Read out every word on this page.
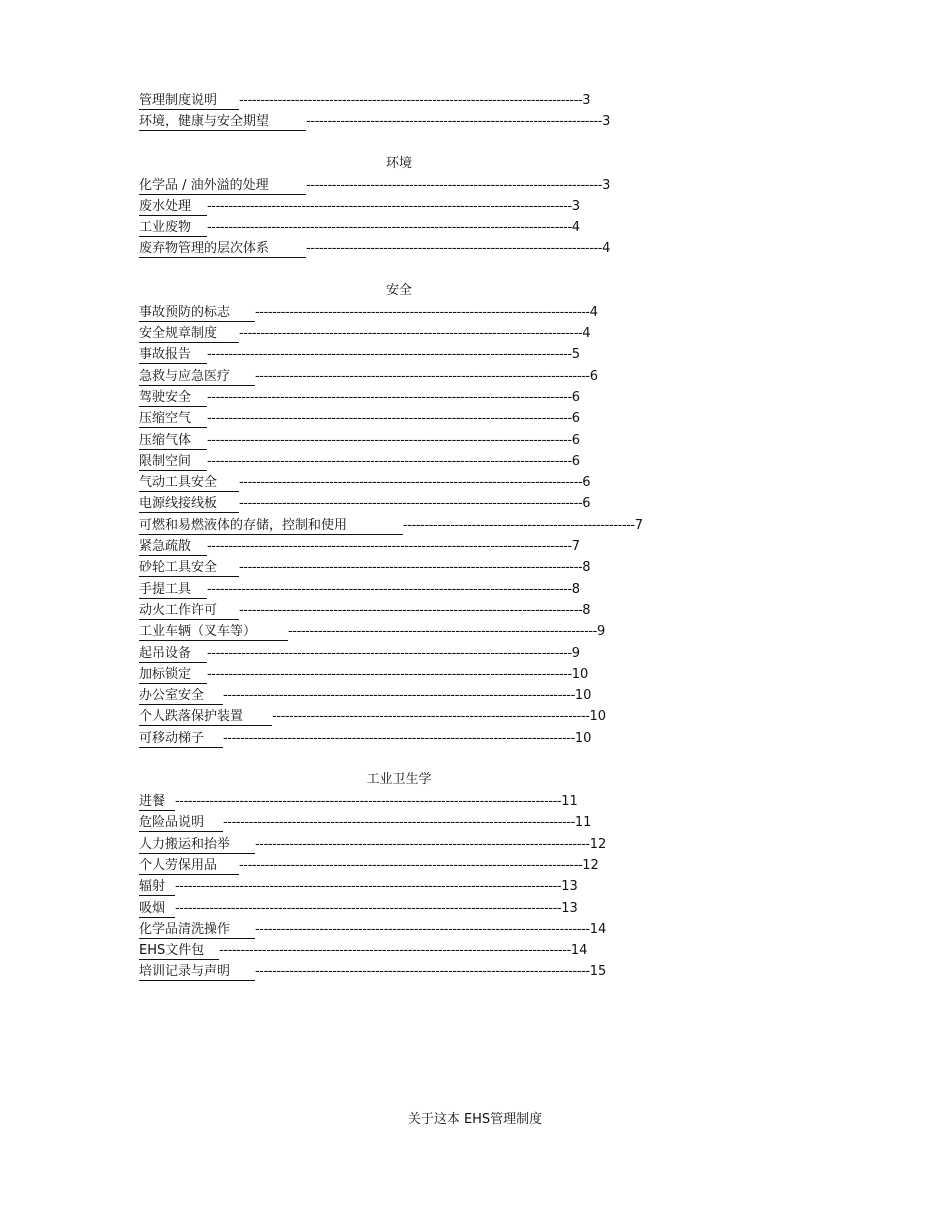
管理制度说明	-------------------------------------------------------------------------------- 3
环境，健康与安全期望	--------------------------------------------------------------------- 3
环境
化学品 / 油外溢的处理	--------------------------------------------------------------------- 3
废水处理	------------------------------------------------------------------------------------- 3
工业废物	------------------------------------------------------------------------------------- 4
废弃物管理的层次体系	--------------------------------------------------------------------- 4
安全
事故预防的标志	------------------------------------------------------------------------------ 4
安全规章制度	-------------------------------------------------------------------------------- 4
事故报告	------------------------------------------------------------------------------------- 5
急救与应急医疗	------------------------------------------------------------------------------ 6
驾驶安全	------------------------------------------------------------------------------------- 6
压缩空气	------------------------------------------------------------------------------------- 6
压缩气体	------------------------------------------------------------------------------------- 6
限制空间	------------------------------------------------------------------------------------- 6
气动工具安全	-------------------------------------------------------------------------------- 6
电源线接线板	-------------------------------------------------------------------------------- 6
可燃和易燃液体的存储，控制和使用	------------------------------------------------------ 7
紧急疏散	------------------------------------------------------------------------------------- 7
砂轮工具安全	-------------------------------------------------------------------------------- 8
手提工具	------------------------------------------------------------------------------------- 8
动火工作许可	-------------------------------------------------------------------------------- 8
工业车辆（叉车等）	------------------------------------------------------------------------ 9
起吊设备	------------------------------------------------------------------------------------- 9
加标锁定	------------------------------------------------------------------------------------- 10
办公室安全	---------------------------------------------------------------------------------- 10
个人跌落保护装置	-------------------------------------------------------------------------- 10
可移动梯子	---------------------------------------------------------------------------------- 10
工业卫生学
进餐 ------------------------------------------------------------------------------------------ 11
危险品说明	---------------------------------------------------------------------------------- 11
人力搬运和抬举	------------------------------------------------------------------------------ 12
个人劳保用品	-------------------------------------------------------------------------------- 12
辐射 ------------------------------------------------------------------------------------------ 13
吸烟 ------------------------------------------------------------------------------------------ 13
化学品清洗操作	------------------------------------------------------------------------------ 14
EHS文件包	---------------------------------------------------------------------------------- 14
培训记录与声明	------------------------------------------------------------------------------ 15
关于这本 EHS管理制度
